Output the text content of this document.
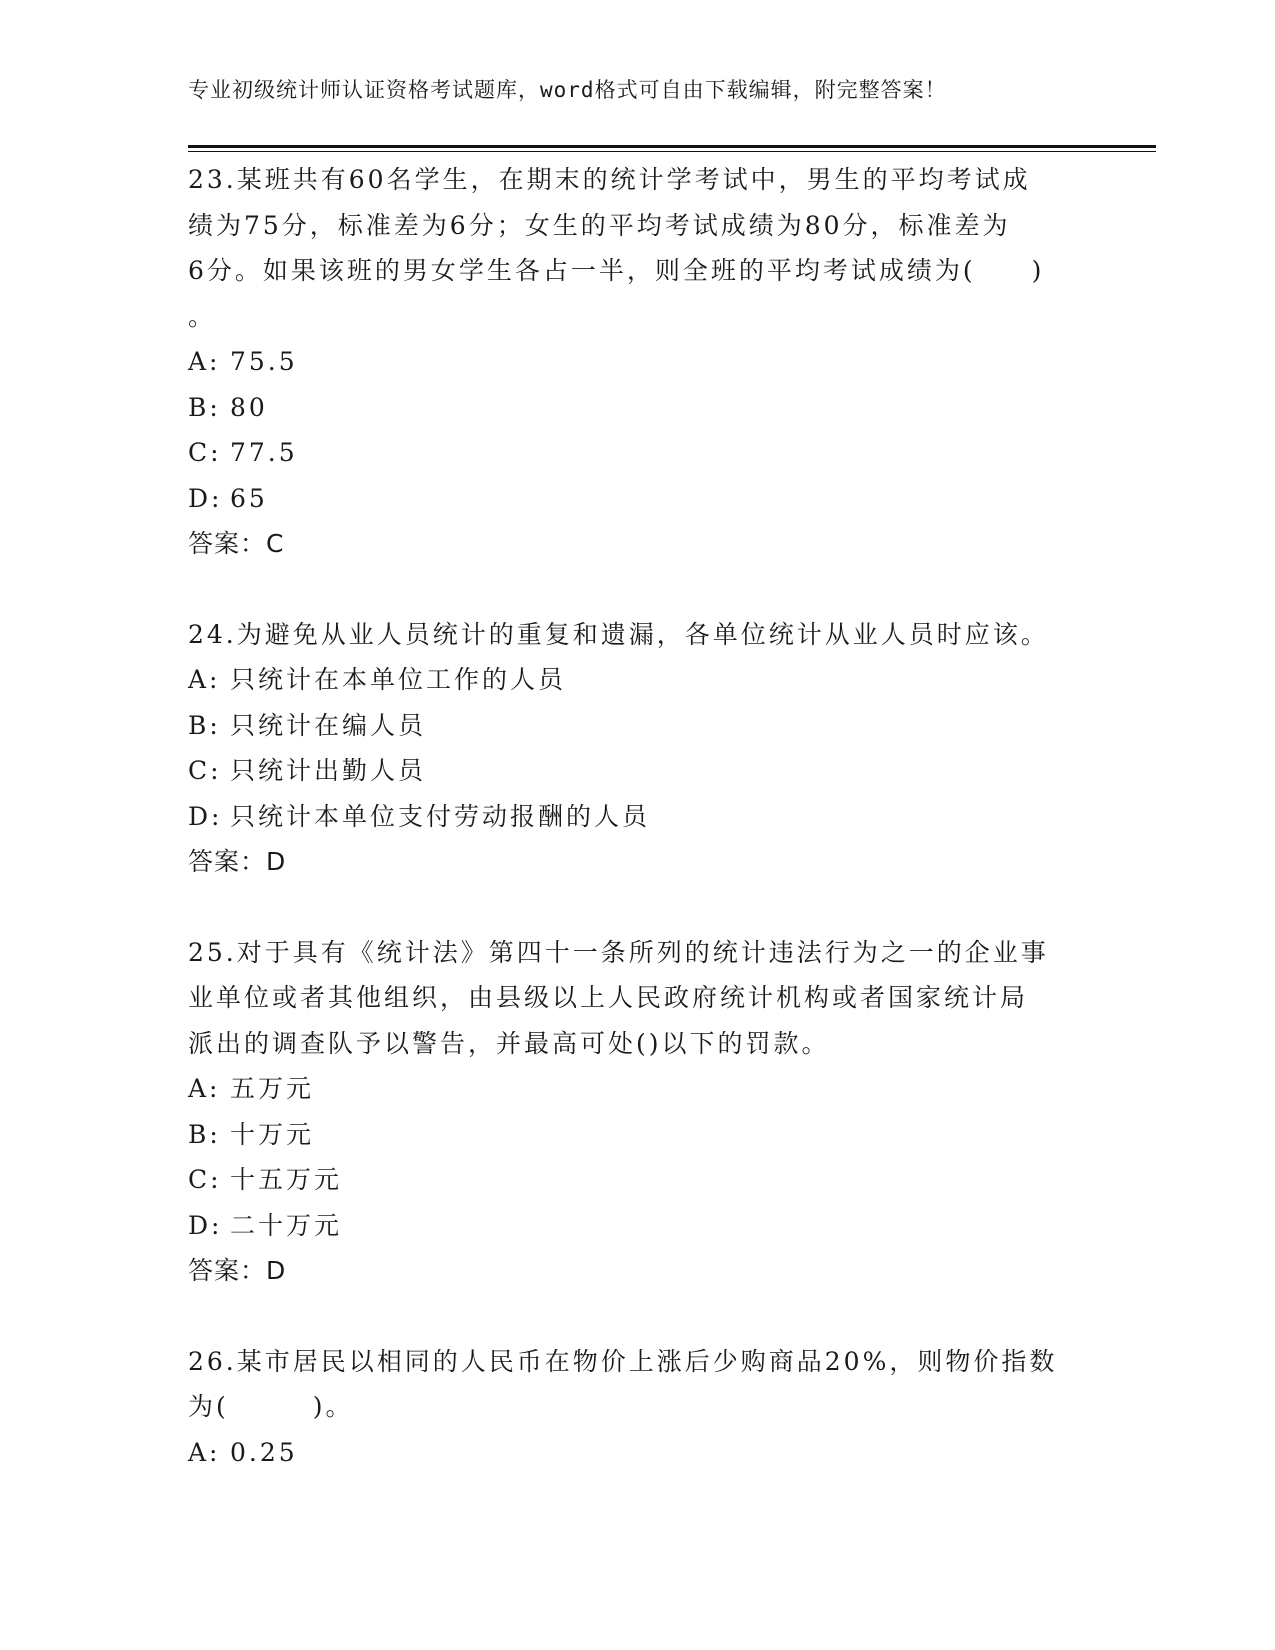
专业初级统计师认证资格考试题库，word格式可自由下载编辑，附完整答案！

23.某班共有60名学生，在期末的统计学考试中，男生的平均考试成

绩为75分，标准差为6分；女生的平均考试成绩为80分，标准差为

6分。如果该班的男女学生各占一半，则全班的平均考试成绩为(　　)

。

A: 75.5

B: 80

C: 77.5

D: 65

答案：C

24.为避免从业人员统计的重复和遗漏，各单位统计从业人员时应该。

A: 只统计在本单位工作的人员

B: 只统计在编人员

C: 只统计出勤人员

D: 只统计本单位支付劳动报酬的人员

答案：D

25.对于具有《统计法》第四十一条所列的统计违法行为之一的企业事

业单位或者其他组织，由县级以上人民政府统计机构或者国家统计局

派出的调查队予以警告，并最高可处()以下的罚款。

A: 五万元

B: 十万元

C: 十五万元

D: 二十万元

答案：D

26.某市居民以相同的人民币在物价上涨后少购商品20%，则物价指数

为(　　　)。

A: 0.25
